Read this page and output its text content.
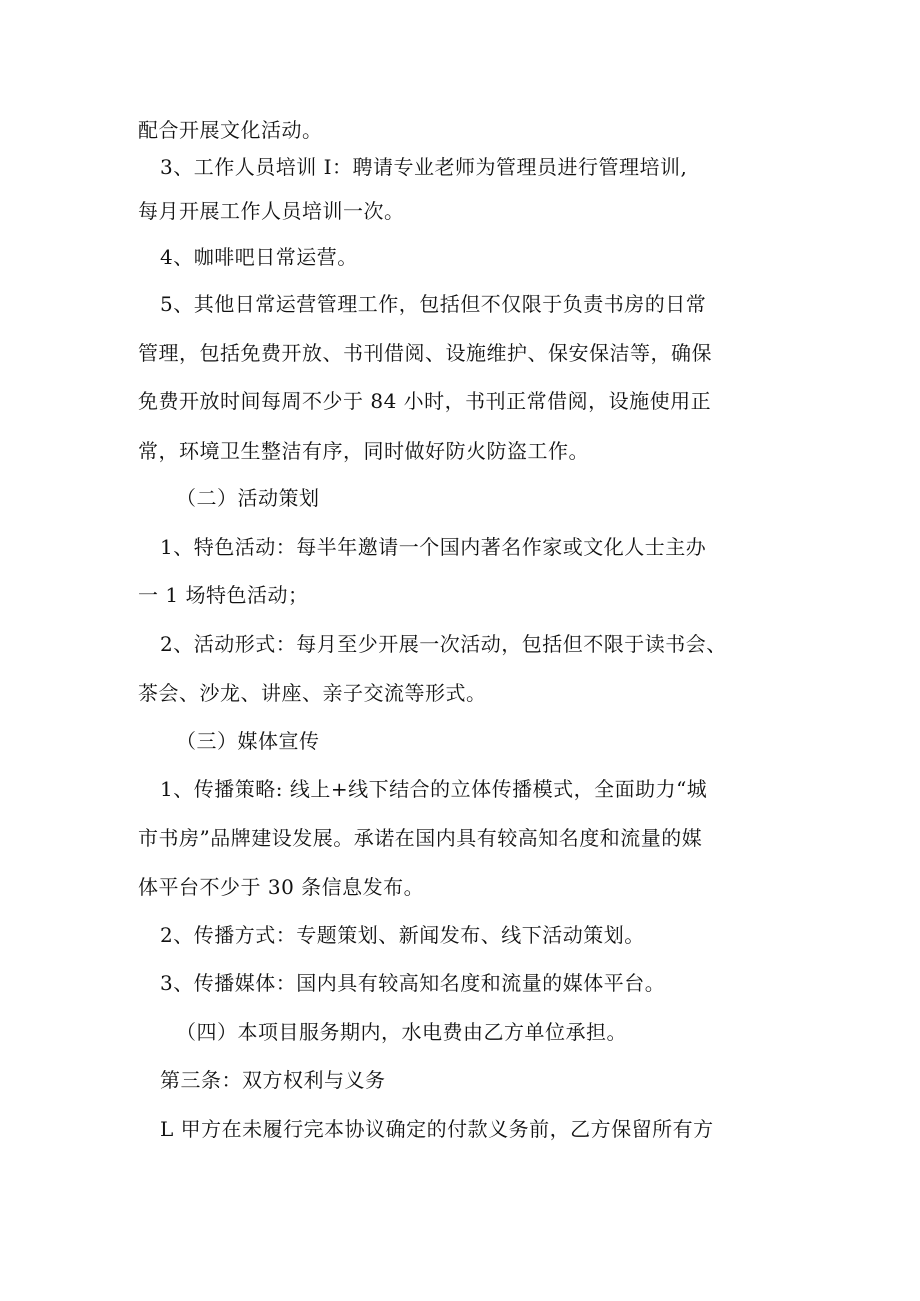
配合开展文化活动。
3、工作人员培训 I：聘请专业老师为管理员进行管理培训,
每月开展工作人员培训一次。
4、咖啡吧日常运营。
5、其他日常运营管理工作，包括但不仅限于负责书房的日常
管理，包括免费开放、书刊借阅、设施维护、保安保洁等，确保
免费开放时间每周不少于 84 小时，书刊正常借阅，设施使用正
常，环境卫生整洁有序，同时做好防火防盗工作。
（二）活动策划
1、特色活动：每半年邀请一个国内著名作家或文化人士主办
一 1 场特色活动；
2、活动形式：每月至少开展一次活动，包括但不限于读书会、
茶会、沙龙、讲座、亲子交流等形式。
（三）媒体宣传
1、传播策略: 线上+线下结合的立体传播模式，全面助力“城
市书房”品牌建设发展。承诺在国内具有较高知名度和流量的媒
体平台不少于 30 条信息发布。
2、传播方式：专题策划、新闻发布、线下活动策划。
3、传播媒体：国内具有较高知名度和流量的媒体平台。
（四）本项目服务期内，水电费由乙方单位承担。
第三条：双方权利与义务
L 甲方在未履行完本协议确定的付款义务前，乙方保留所有方
